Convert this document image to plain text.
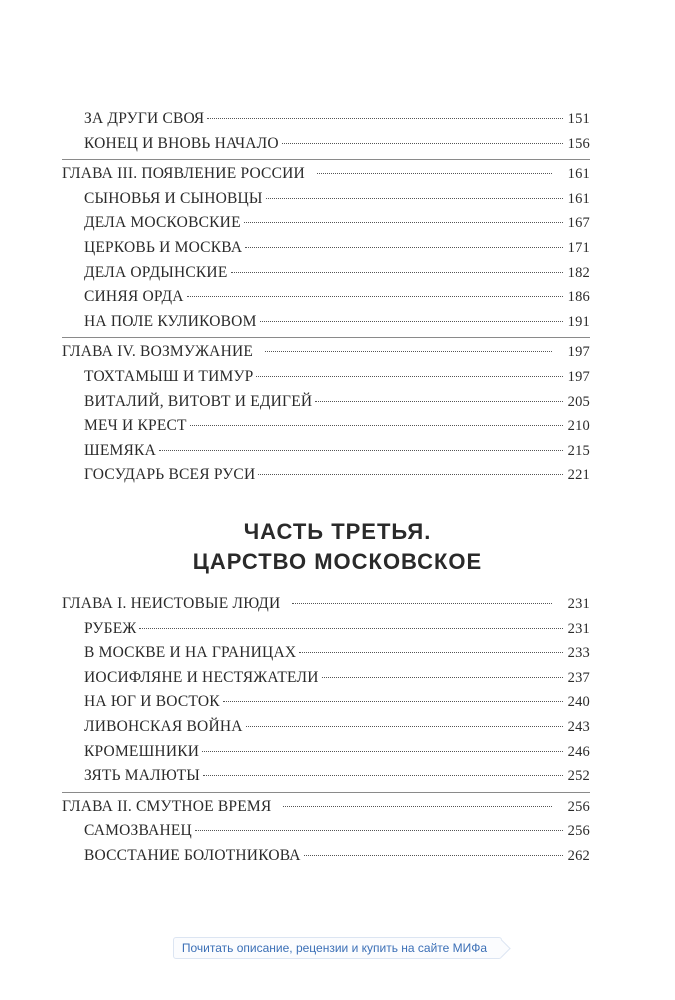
ЗА ДРУГИ СВОЯ	151
КОНЕЦ И ВНОВЬ НАЧАЛО	156
ГЛАВА III. ПОЯВЛЕНИЕ РОССИИ	161
СЫНОВЬЯ И СЫНОВЦЫ	161
ДЕЛА МОСКОВСКИЕ	167
ЦЕРКОВЬ И МОСКВА	171
ДЕЛА ОРДЫНСКИЕ	182
СИНЯЯ ОРДА	186
НА ПОЛЕ КУЛИКОВОМ	191
ГЛАВА IV. ВОЗМУЖАНИЕ	197
ТОХТАМЫШ И ТИМУР	197
ВИТАЛИЙ, ВИТОВТ И ЕДИГЕЙ	205
МЕЧ И КРЕСТ	210
ШЕМЯКА	215
ГОСУДАРЬ ВСЕЯ РУСИ	221
ЧАСТЬ ТРЕТЬЯ.
ЦАРСТВО МОСКОВСКОЕ
ГЛАВА I. НЕИСТОВЫЕ ЛЮДИ	231
РУБЕЖ	231
В МОСКВЕ И НА ГРАНИЦАХ	233
ИОСИФЛЯНЕ И НЕСТЯЖАТЕЛИ	237
НА ЮГ И ВОСТОК	240
ЛИВОНСКАЯ ВОЙНА	243
КРОМЕШНИКИ	246
ЗЯТЬ МАЛЮТЫ	252
ГЛАВА II. СМУТНОЕ ВРЕМЯ	256
САМОЗВАНЕЦ	256
ВОССТАНИЕ БОЛОТНИКОВА	262
Почитать описание, рецензии и купить на сайте МИФа
